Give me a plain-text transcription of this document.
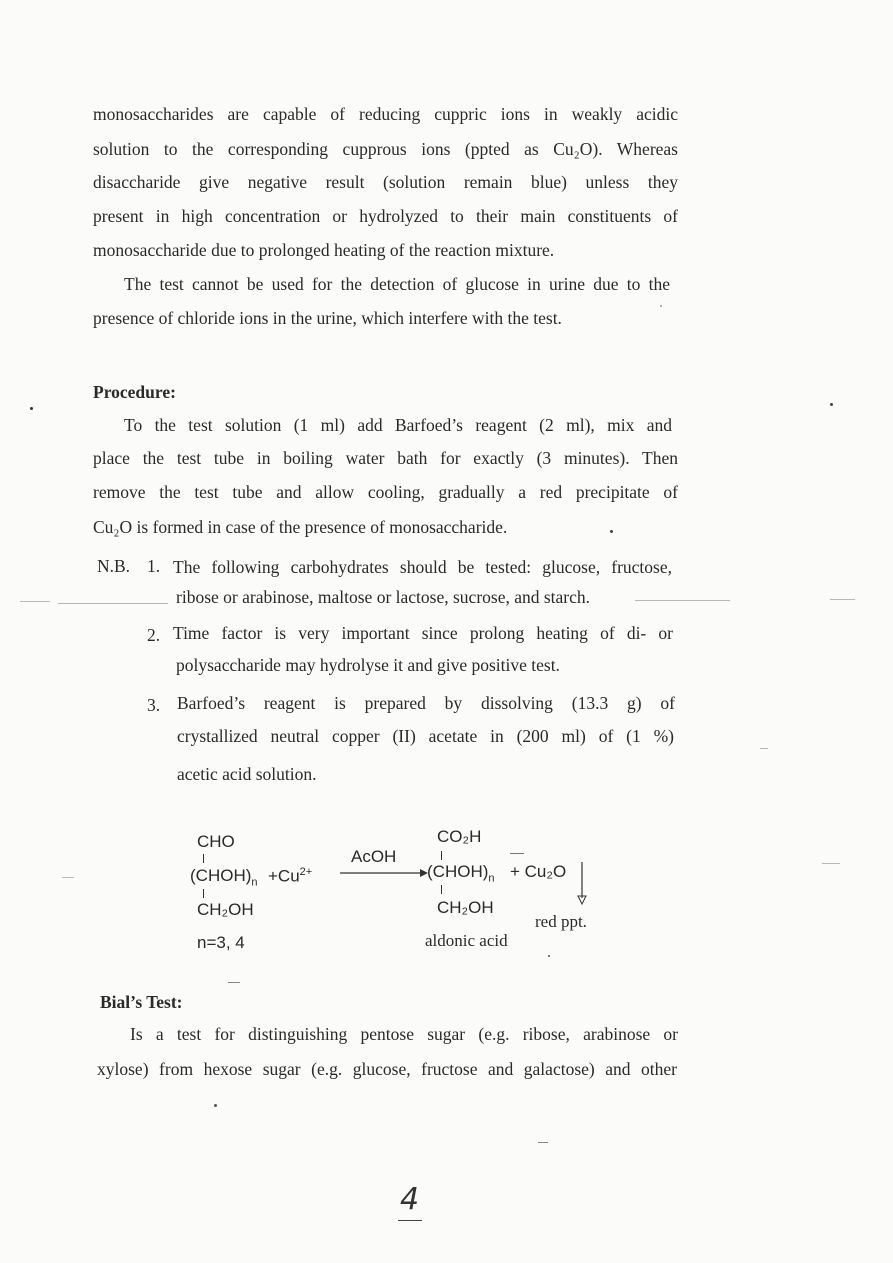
monosaccharides are capable of reducing cuppric ions in weakly acidic
solution to the corresponding cupprous ions (ppted as Cu₂O). Whereas
disaccharide give negative result (solution remain blue) unless they
present in high concentration or hydrolyzed to their main constituents of
monosaccharide due to prolonged heating of the reaction mixture.
The test cannot be used for the detection of glucose in urine due to the
presence of chloride ions in the urine, which interfere with the test.
Procedure:
To the test solution (1 ml) add Barfoed’s reagent (2 ml), mix and
place the test tube in boiling water bath for exactly (3 minutes). Then
remove the test tube and allow cooling, gradually a red precipitate of
Cu₂O is formed in case of the presence of monosaccharide.
N.B. 1. The following carbohydrates should be tested: glucose, fructose,
ribose or arabinose, maltose or lactose, sucrose, and starch.
2. Time factor is very important since prolong heating of di- or
polysaccharide may hydrolyse it and give positive test.
3. Barfoed’s reagent is prepared by dissolving (13.3 g) of
crystallized neutral copper (II) acetate in (200 ml) of (1 %)
acetic acid solution.
CHO
$(CHOH)_n +Cu^{2+}$
CH₂OH
n=3, 4
AcOH
CO₂H
$(CHOH)_n + Cu_2O$
CH₂OH
red ppt.
aldonic acid
Bial’s Test:
Is a test for distinguishing pentose sugar (e.g. ribose, arabinose or
xylose) from hexose sugar (e.g. glucose, fructose and galactose) and other
4
